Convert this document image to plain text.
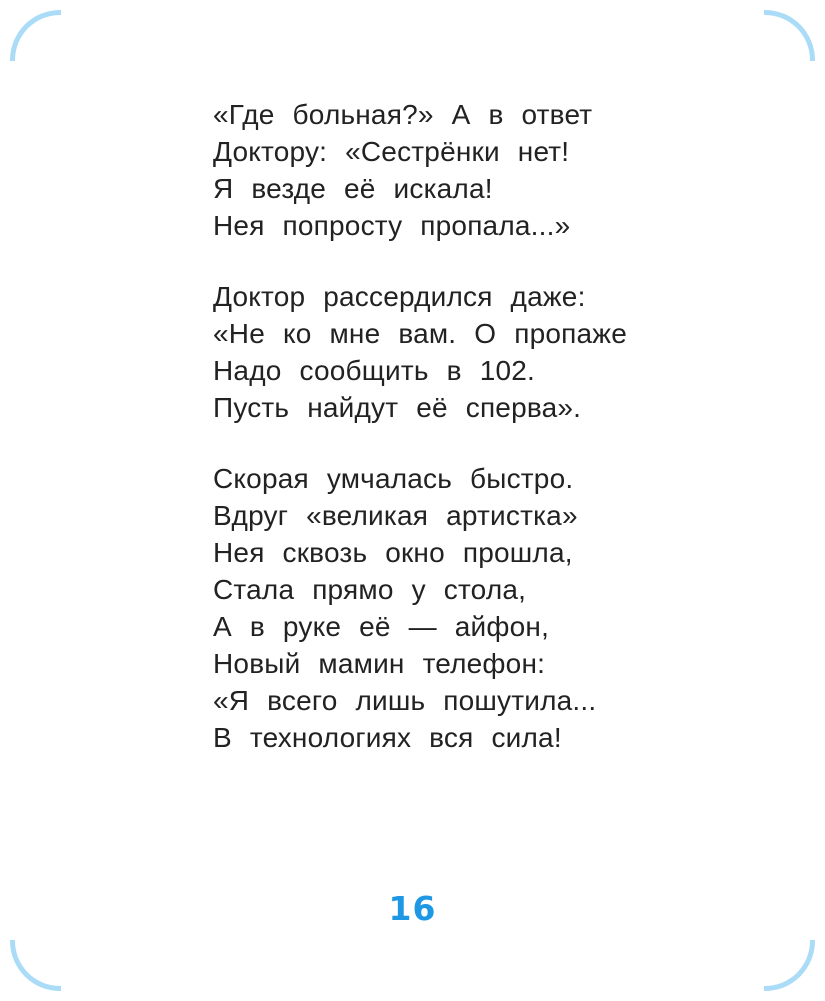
«Где больная?» А в ответ
Доктору: «Сестрёнки нет!
Я везде её искала!
Нея попросту пропала...»
Доктор рассердился даже:
«Не ко мне вам. О пропаже
Надо сообщить в 102.
Пусть найдут её сперва».
Скорая умчалась быстро.
Вдруг «великая артистка»
Нея сквозь окно прошла,
Стала прямо у стола,
А в руке её — айфон,
Новый мамин телефон:
«Я всего лишь пошутила...
В технологиях вся сила!
16
